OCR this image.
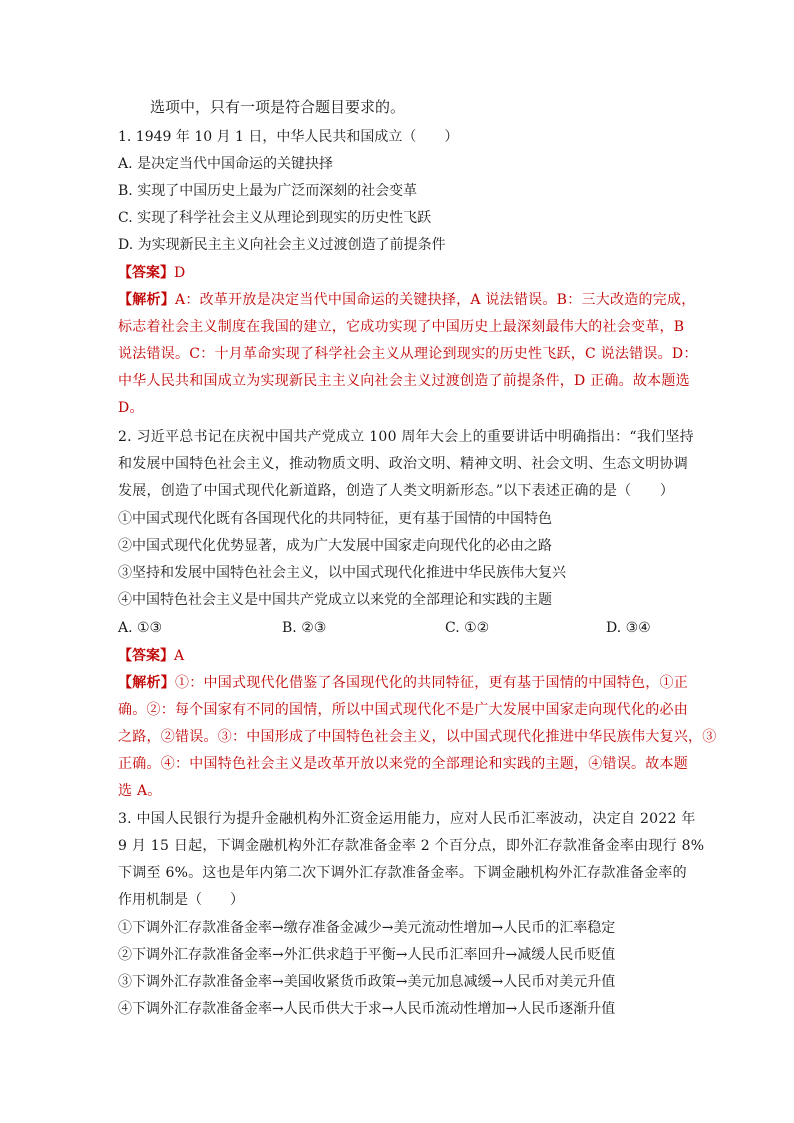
选项中，只有一项是符合题目要求的。
1. 1949 年 10 月 1 日，中华人民共和国成立（　　）
A. 是决定当代中国命运的关键抉择
B. 实现了中国历史上最为广泛而深刻的社会变革
C. 实现了科学社会主义从理论到现实的历史性飞跃
D. 为实现新民主主义向社会主义过渡创造了前提条件
【答案】D
【解析】A：改革开放是决定当代中国命运的关键抉择，A 说法错误。B：三大改造的完成，
标志着社会主义制度在我国的建立，它成功实现了中国历史上最深刻最伟大的社会变革，B
说法错误。C：十月革命实现了科学社会主义从理论到现实的历史性飞跃，C 说法错误。D：
中华人民共和国成立为实现新民主主义向社会主义过渡创造了前提条件，D 正确。故本题选
D。
2. 习近平总书记在庆祝中国共产党成立 100 周年大会上的重要讲话中明确指出：“我们坚持
和发展中国特色社会主义，推动物质文明、政治文明、精神文明、社会文明、生态文明协调
发展，创造了中国式现代化新道路，创造了人类文明新形态。”以下表述正确的是（　　）
①中国式现代化既有各国现代化的共同特征，更有基于国情的中国特色
②中国式现代化优势显著，成为广大发展中国家走向现代化的必由之路
③坚持和发展中国特色社会主义，以中国式现代化推进中华民族伟大复兴
④中国特色社会主义是中国共产党成立以来党的全部理论和实践的主题
A. ①③	B. ②③	C. ①②	D. ③④
【答案】A
【解析】①：中国式现代化借鉴了各国现代化的共同特征，更有基于国情的中国特色，①正
确。②：每个国家有不同的国情，所以中国式现代化不是广大发展中国家走向现代化的必由
之路，②错误。③：中国形成了中国特色社会主义，以中国式现代化推进中华民族伟大复兴，③
正确。④：中国特色社会主义是改革开放以来党的全部理论和实践的主题，④错误。故本题
选 A。
3. 中国人民银行为提升金融机构外汇资金运用能力，应对人民币汇率波动，决定自 2022 年
9 月 15 日起，下调金融机构外汇存款准备金率 2 个百分点，即外汇存款准备金率由现行 8%
下调至 6%。这也是年内第二次下调外汇存款准备金率。下调金融机构外汇存款准备金率的
作用机制是（　　）
①下调外汇存款准备金率→缴存准备金减少→美元流动性增加→人民币的汇率稳定
②下调外汇存款准备金率→外汇供求趋于平衡→人民币汇率回升→减缓人民币贬值
③下调外汇存款准备金率→美国收紧货币政策→美元加息减缓→人民币对美元升值
④下调外汇存款准备金率→人民币供大于求→人民币流动性增加→人民币逐渐升值
